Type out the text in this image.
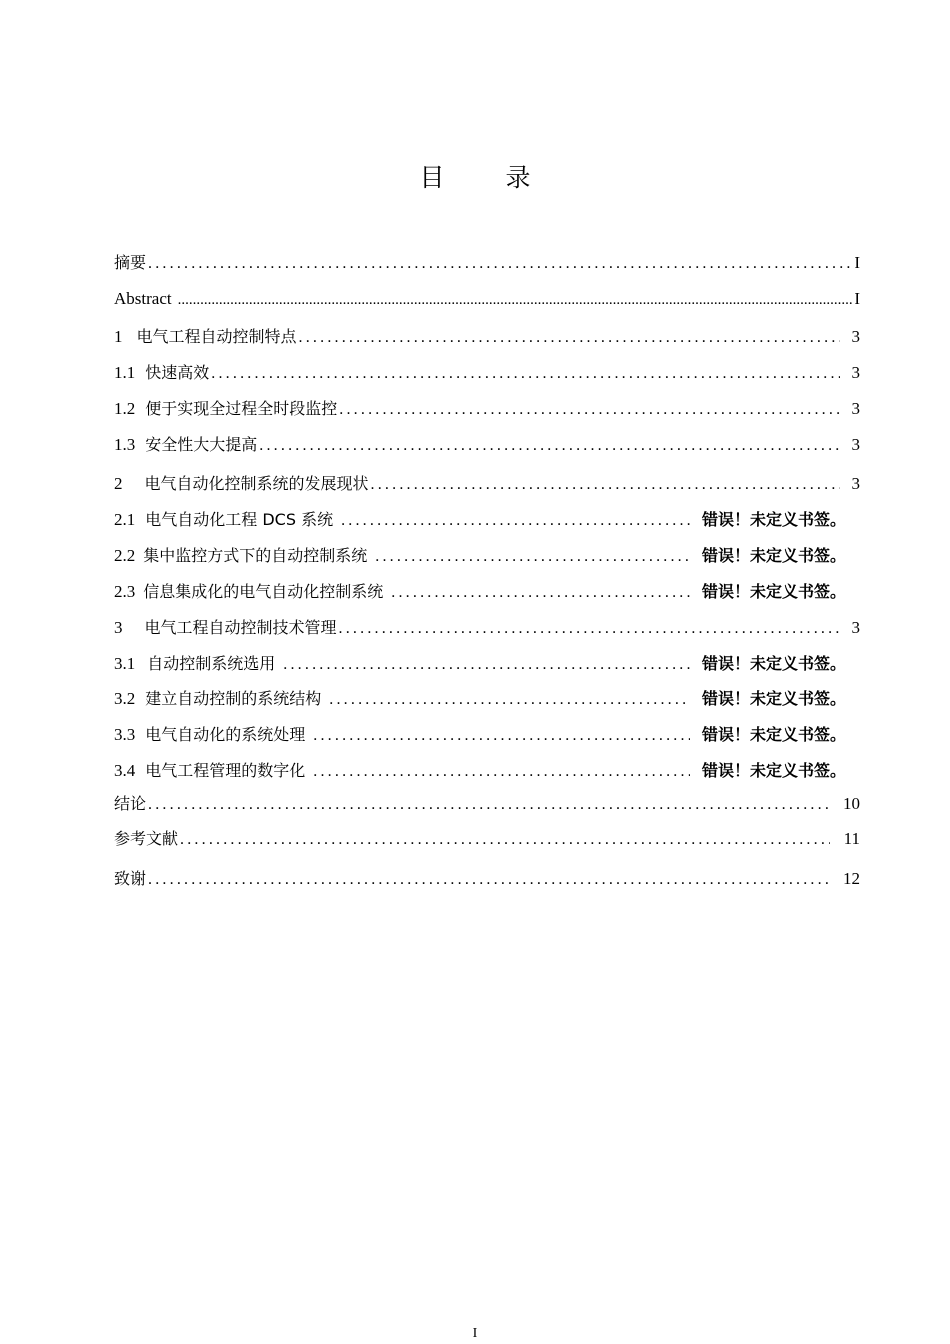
目　录
摘要 .....	I
Abstract .....	I
1 电气工程自动控制特点 .....	3
1.1 快速高效 .....	3
1.2 便于实现全过程全时段监控 .....	3
1.3 安全性大大提高 .....	3
2 电气自动化控制系统的发展现状 .....	3
2.1 电气自动化工程 DCS 系统 .....	错误！未定义书签。
2.2 集中监控方式下的自动控制系统 .....	错误！未定义书签。
2.3 信息集成化的电气自动化控制系统 .....	错误！未定义书签。
3 电气工程自动控制技术管理 .....	3
3.1 自动控制系统选用 .....	错误！未定义书签。
3.2 建立自动控制的系统结构 .....	错误！未定义书签。
3.3 电气自动化的系统处理 .....	错误！未定义书签。
3.4 电气工程管理的数字化 .....	错误！未定义书签。
结论 .....	10
参考文献 .....	11
致谢 .....	12
I
